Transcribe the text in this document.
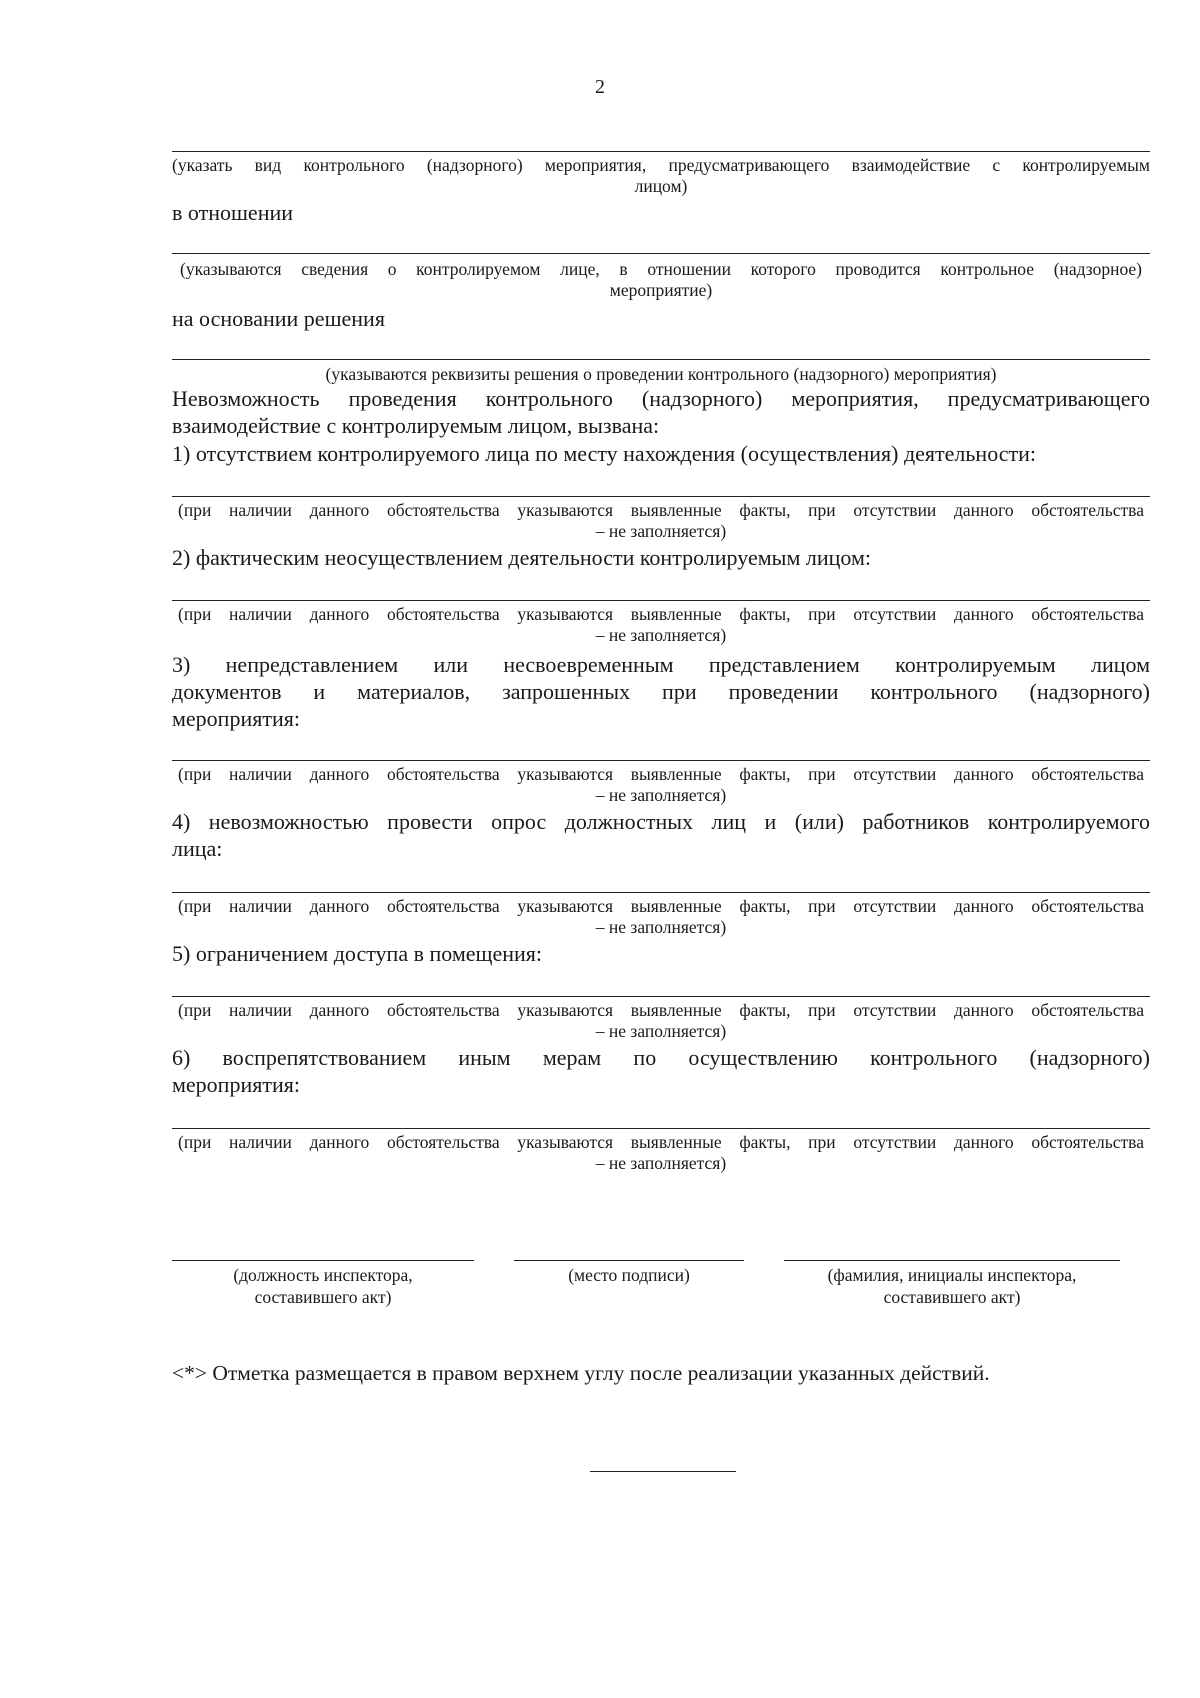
2
(указать вид контрольного (надзорного) мероприятия, предусматривающего взаимодействие с контролируемым
лицом)
в отношении
(указываются сведения о контролируемом лице, в отношении которого проводится контрольное (надзорное)
мероприятие)
на основании решения
(указываются реквизиты решения о проведении контрольного (надзорного) мероприятия)
Невозможность проведения контрольного (надзорного) мероприятия, предусматривающего
взаимодействие с контролируемым лицом, вызвана:
1) отсутствием контролируемого лица по месту нахождения (осуществления) деятельности:
(при наличии данного обстоятельства указываются выявленные факты, при отсутствии данного обстоятельства
– не заполняется)
2) фактическим неосуществлением деятельности контролируемым лицом:
(при наличии данного обстоятельства указываются выявленные факты, при отсутствии данного обстоятельства
– не заполняется)
3) непредставлением или несвоевременным представлением контролируемым лицом
документов и материалов, запрошенных при проведении контрольного (надзорного)
мероприятия:
(при наличии данного обстоятельства указываются выявленные факты, при отсутствии данного обстоятельства
– не заполняется)
4) невозможностью провести опрос должностных лиц и (или) работников контролируемого
лица:
(при наличии данного обстоятельства указываются выявленные факты, при отсутствии данного обстоятельства
– не заполняется)
5) ограничением доступа в помещения:
(при наличии данного обстоятельства указываются выявленные факты, при отсутствии данного обстоятельства
– не заполняется)
6) воспрепятствованием иным мерам по осуществлению контрольного (надзорного)
мероприятия:
(при наличии данного обстоятельства указываются выявленные факты, при отсутствии данного обстоятельства
– не заполняется)
(должность инспектора,
составившего акт)
(место подписи)	(фамилия, инициалы инспектора,
составившего акт)
<*> Отметка размещается в правом верхнем углу после реализации указанных действий.
